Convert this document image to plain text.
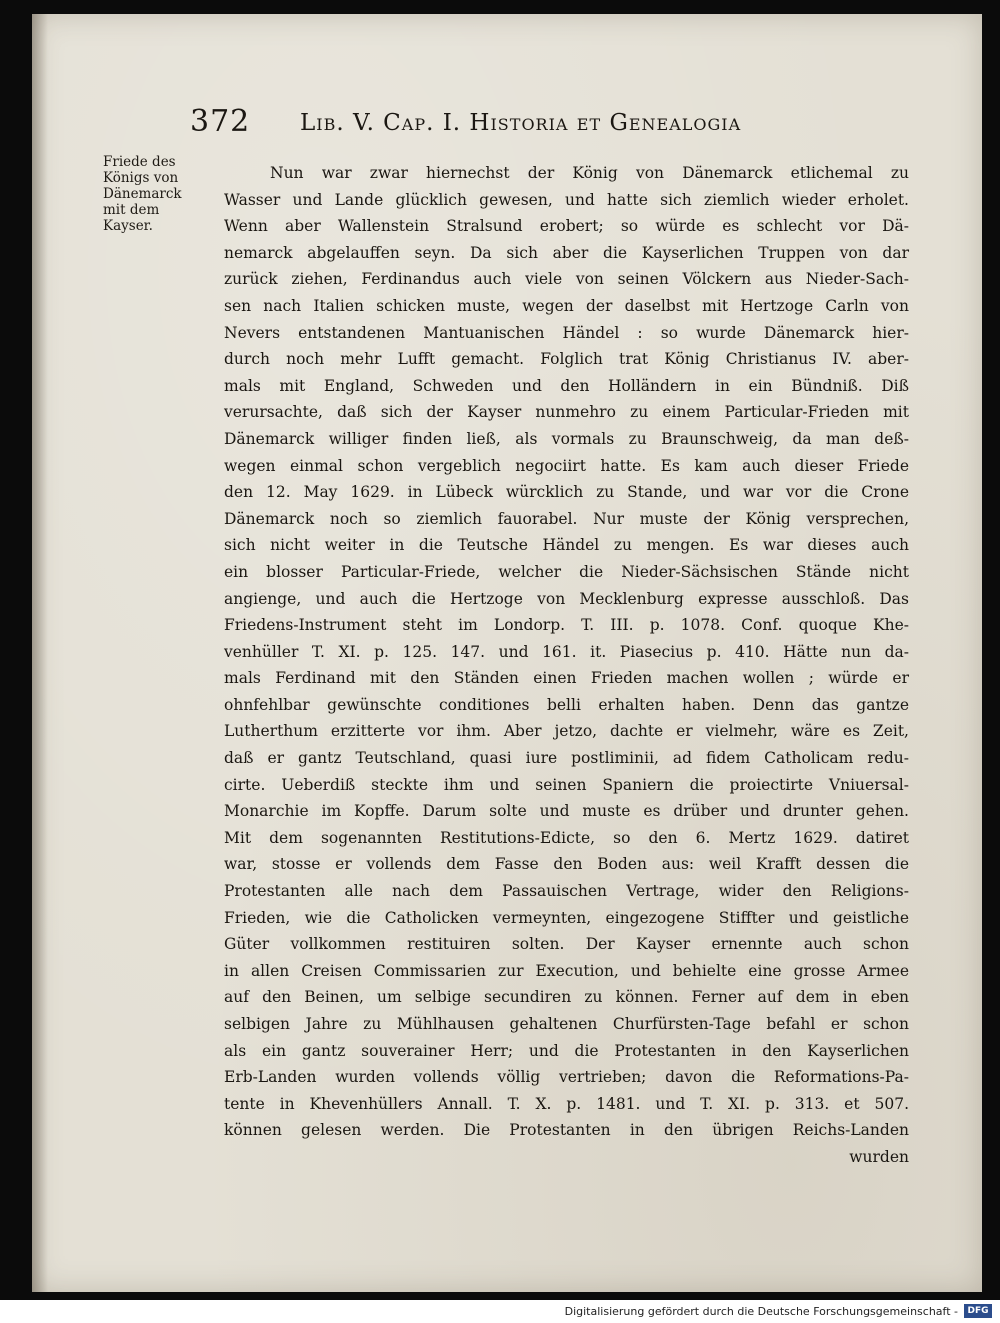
372 Lib. V. Cap. I. Historia et Genealogia
Friede des
Königs von
Dänemarck
mit dem
Kayser.
Nun war zwar hiernechst der König von Dänemarck etlichemal zu
Wasser und Lande glücklich gewesen, und hatte sich ziemlich wieder erholet.
Wenn aber Wallenstein Stralsund erobert; so würde es schlecht vor Dä-
nemarck abgelauffen seyn. Da sich aber die Kayserlichen Truppen von dar
zurück ziehen, Ferdinandus auch viele von seinen Völckern aus Nieder-Sach-
sen nach Italien schicken muste, wegen der daselbst mit Hertzoge Carln von
Nevers entstandenen Mantuanischen Händel : so wurde Dänemarck hier-
durch noch mehr Lufft gemacht. Folglich trat König Christianus IV. aber-
mals mit England, Schweden und den Holländern in ein Bündniß. Diß
verursachte, daß sich der Kayser nunmehro zu einem Particular-Frieden mit
Dänemarck williger finden ließ, als vormals zu Braunschweig, da man deß-
wegen einmal schon vergeblich negociirt hatte. Es kam auch dieser Friede
den 12. May 1629. in Lübeck würcklich zu Stande, und war vor die Crone
Dänemarck noch so ziemlich fauorabel. Nur muste der König versprechen,
sich nicht weiter in die Teutsche Händel zu mengen. Es war dieses auch
ein blosser Particular-Friede, welcher die Nieder-Sächsischen Stände nicht
angienge, und auch die Hertzoge von Mecklenburg expresse ausschloß. Das
Friedens-Instrument steht im Londorp. T. III. p. 1078. Conf. quoque Khe-
venhüller T. XI. p. 125. 147. und 161. it. Piasecius p. 410. Hätte nun da-
mals Ferdinand mit den Ständen einen Frieden machen wollen ; würde er
ohnfehlbar gewünschte conditiones belli erhalten haben. Denn das gantze
Lutherthum erzitterte vor ihm. Aber jetzo, dachte er vielmehr, wäre es Zeit,
daß er gantz Teutschland, quasi iure postliminii, ad fidem Catholicam redu-
cirte. Ueberdiß steckte ihm und seinen Spaniern die proiectirte Vniuersal-
Monarchie im Kopffe. Darum solte und muste es drüber und drunter gehen.
Mit dem sogenannten Restitutions-Edicte, so den 6. Mertz 1629. datiret
war, stosse er vollends dem Fasse den Boden aus: weil Krafft dessen die
Protestanten alle nach dem Passauischen Vertrage, wider den Religions-
Frieden, wie die Catholicken vermeynten, eingezogene Stiffter und geistliche
Güter vollkommen restituiren solten. Der Kayser ernennte auch schon
in allen Creisen Commissarien zur Execution, und behielte eine grosse Armee
auf den Beinen, um selbige secundiren zu können. Ferner auf dem in eben
selbigen Jahre zu Mühlhausen gehaltenen Churfürsten-Tage befahl er schon
als ein gantz souverainer Herr; und die Protestanten in den Kayserlichen
Erb-Landen wurden vollends völlig vertrieben; davon die Reformations-Pa-
tente in Khevenhüllers Annall. T. X. p. 1481. und T. XI. p. 313. et 507.
können gelesen werden. Die Protestanten in den übrigen Reichs-Landen
wurden
Digitalisierung gefördert durch die Deutsche Forschungsgemeinschaft -	DFG
